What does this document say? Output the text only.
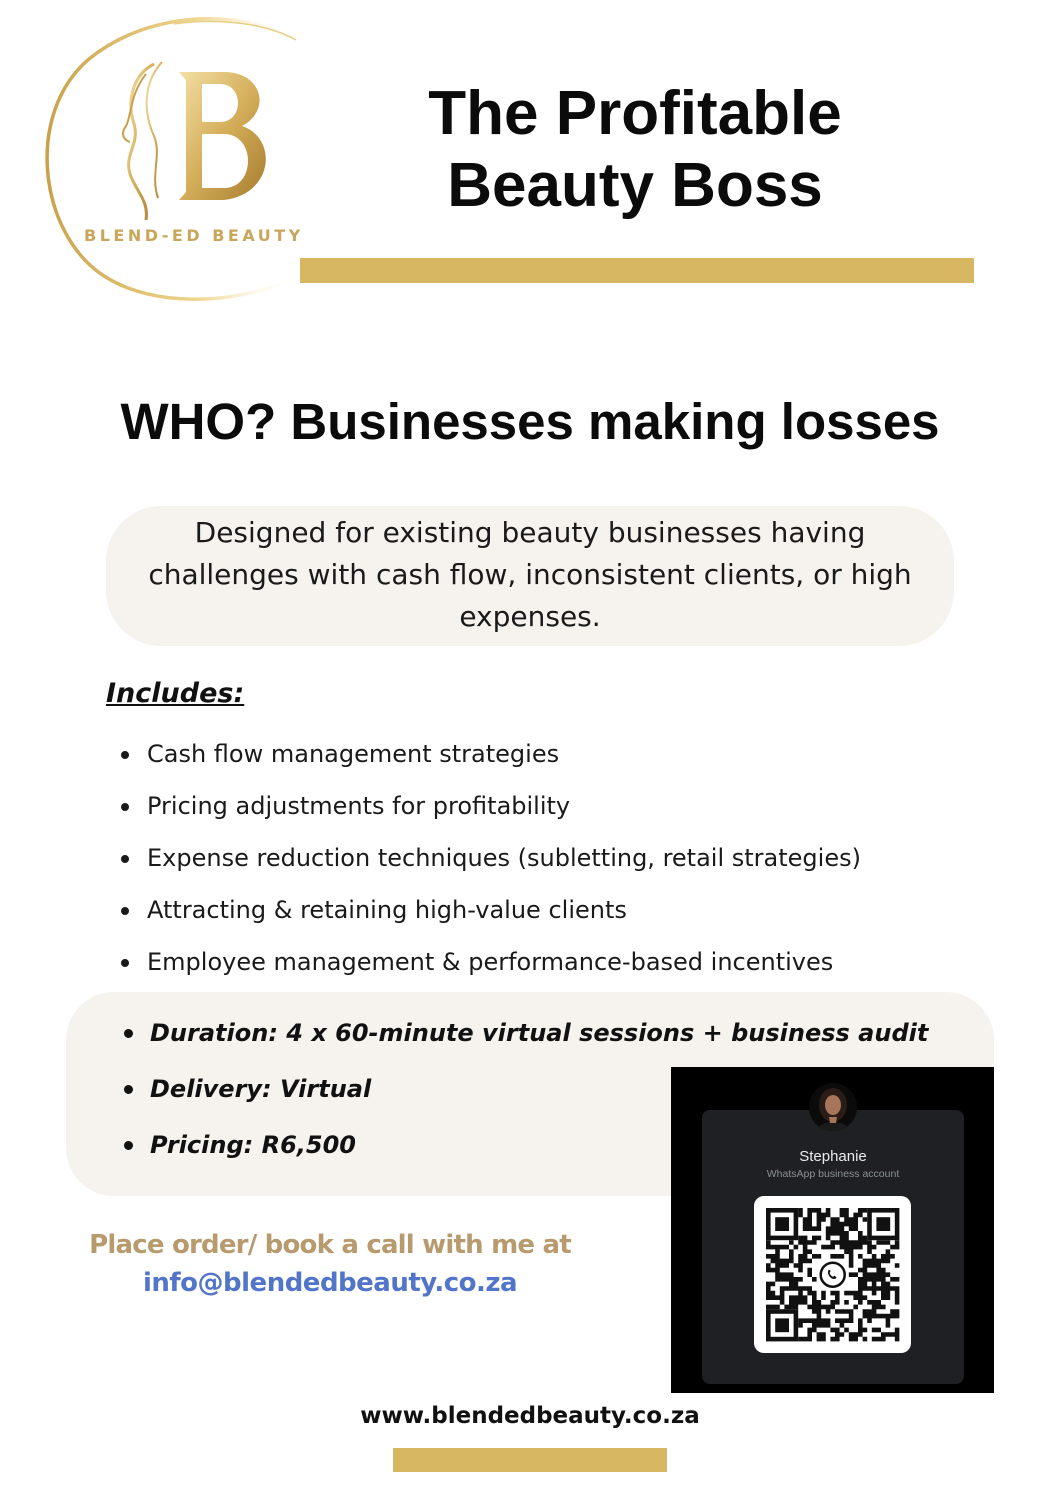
BLEND-ED BEAUTY
The Profitable Beauty Boss
WHO? Businesses making losses
Designed for existing beauty businesses having challenges with cash flow, inconsistent clients, or high expenses.
Includes:
Cash flow management strategies
Pricing adjustments for profitability
Expense reduction techniques (subletting, retail strategies)
Attracting & retaining high-value clients
Employee management & performance-based incentives
Duration: 4 x 60-minute virtual sessions + business audit
Delivery: Virtual
Pricing: R6,500
Place order/ book a call with me at
info@blendedbeauty.co.za
Stephanie
WhatsApp business account
www.blendedbeauty.co.za
